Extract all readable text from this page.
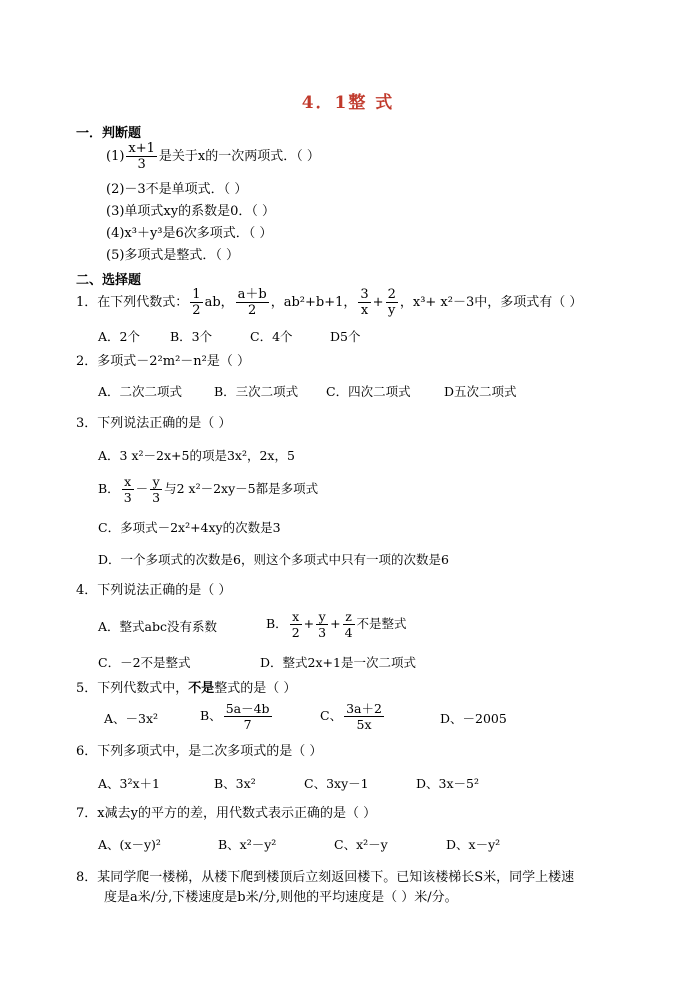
4．1整 式
一．判断题
$(1) \frac{x+1}{3}$ 是关于x的一次两项式．（ ）
(2)－3不是单项式．（ ）
(3)单项式xy的系数是0．（ ）
(4)x³＋y³是6次多项式．（ ）
(5)多项式是整式．（ ）
二、选择题
1．在下列代数式： $\frac{1}{2}$ ab， $\frac{a+b}{2}$ ，ab²+b+1， $\frac{3}{x} + \frac{2}{y}$ ，x³+ x²－3中，多项式有（ ）
A．2个 B．3个	C．4个	D5个
2．多项式－2²m²－n²是（ ）
A．二次二项式	B．三次二项式 C．四次二项式	D五次二项式
3．下列说法正确的是（ ）
A．3 x²－2x+5的项是3x²，2x，5
B． $\frac{x}{3} - \frac{y}{3}$ 与2 x²－2xy－5都是多项式
C．多项式－2x²+4xy的次数是3
D．一个多项式的次数是6，则这个多项式中只有一项的次数是6
4．下列说法正确的是（ ）
A．整式abc没有系数	B． $\frac{x}{2} + \frac{y}{3} + \frac{z}{4}$ 不是整式
C．－2不是整式	D．整式2x+1是一次二项式
5．下列代数式中，不是整式的是（ ）
A、－3x²	B、 $\frac{5a-4b}{7}$	C、 $\frac{3a+2}{5x}$	D、－2005
6．下列多项式中，是二次多项式的是（ ）
A、3²x＋1	B、3x²	C、3xy－1	D、3x－5²
7．x减去y的平方的差，用代数式表示正确的是（ ）
A、(x－y)²	B、x²－y²	C、x²－y	D、x－y²
8．某同学爬一楼梯，从楼下爬到楼顶后立刻返回楼下。已知该楼梯长S米，同学上楼速
度是a米/分,下楼速度是b米/分,则他的平均速度是（ ）米/分。
